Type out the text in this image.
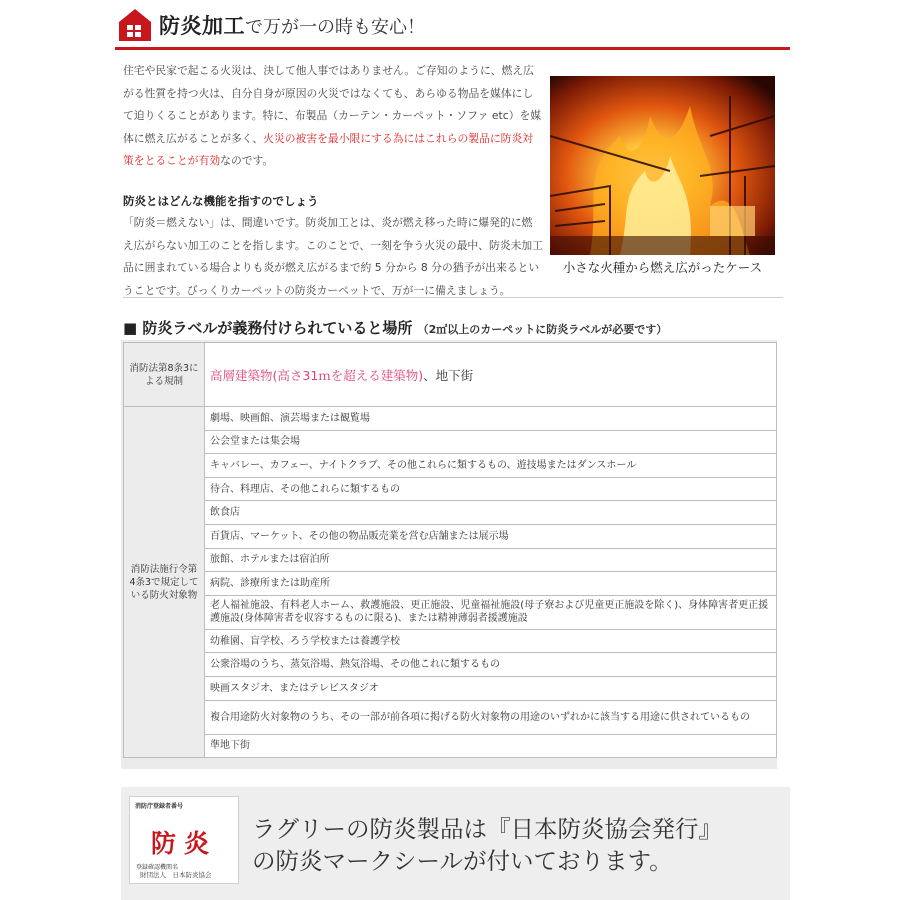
防炎加工で万が一の時も安心！

住宅や民家で起こる火災は、決して他人事ではありません。ご存知のように、燃え広がる性質を持つ火は、自分自身が原因の火災ではなくても、あらゆる物品を媒体にして迫りくることがあります。特に、布製品（カーテン・カーペット・ソファ etc）を媒体に燃え広がることが多く、火災の被害を最小限にする為にはこれらの製品に防炎対策をとることが有効なのです。

防炎とはどんな機能を指すのでしょう

「防炎＝燃えない」は、間違いです。防炎加工とは、炎が燃え移った時に爆発的に燃え広がらない加工のことを指します。このことで、一刻を争う火災の最中、防炎未加工品に囲まれている場合よりも炎が燃え広がるまで約 5 分から 8 分の猶予が出来るということです。びっくりカーペットの防炎カーペットで、万が一に備えましょう。

小さな火種から燃え広がったケース
■ 防炎ラベルが義務付けられていると場所 （2㎡以上のカーペットに防炎ラベルが必要です）
消防法第8条3による規制	高層建築物(高さ31ｍを超える建築物)、地下街
消防法施行令第4条3で規定している防火対象物	劇場、映画館、演芸場または観覧場
	公会堂または集会場
	キャバレー、カフェー、ナイトクラブ、その他これらに類するもの、遊技場またはダンスホール
	待合、料理店、その他これらに類するもの
	飲食店
	百貨店、マーケット、その他の物品販売業を営む店舗または展示場
	旅館、ホテルまたは宿泊所
	病院、診療所または助産所
	老人福祉施設、有料老人ホーム、救護施設、更正施設、児童福祉施設(母子寮および児童更正施設を除く)、身体障害者更正援護施設(身体障害者を収容するものに限る)、または精神薄弱者援護施設
	幼稚園、盲学校、ろう学校または養護学校
	公衆浴場のうち、蒸気浴場、熱気浴場、その他これに類するもの
	映画スタジオ、またはテレビスタジオ
	複合用途防火対象物のうち、その一部が前各項に掲げる防火対象物の用途のいずれかに該当する用途に供されているもの
	準地下街
消防庁登録者番号
防炎
登録確認機関名
財団法人　日本防炎協会
ラグリーの防炎製品は『日本防炎協会発行』
の防炎マークシールが付いております。
